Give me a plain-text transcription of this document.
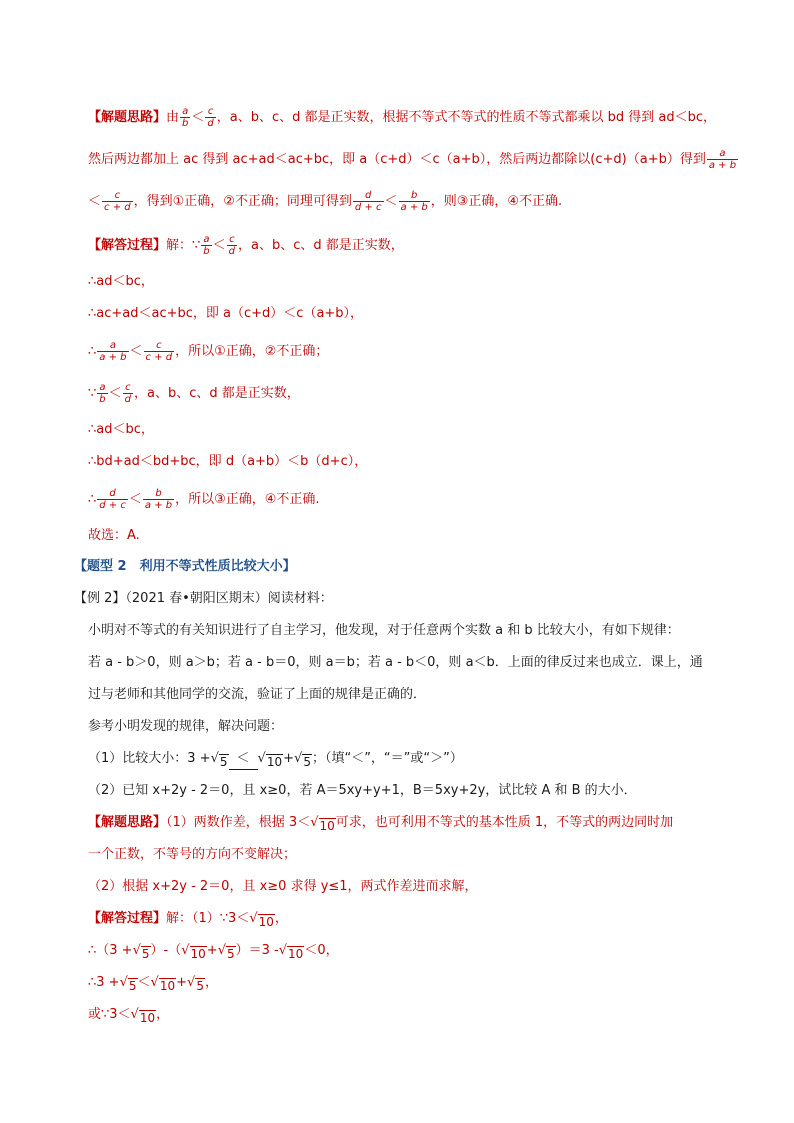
【解题思路】由 $\frac{a}{b} < \frac{c}{d}$ ，a、b、c、d 都是正实数，根据不等式不等式的性质不等式都乘以 bd 得到 ad＜bc，
然后两边都加上 ac 得到 ac+ad＜ac+bc，即 a（c+d）＜c（a+b），然后两边都除以(c+d)（a+b）得到 $\frac{a}{a + b}$
＜ $\frac{c}{c + d}$ ，得到①正确，②不正确；同理可得到 $\frac{d}{d + c} < \frac{b}{a + b}$ ，则③正确，④不正确.
【解答过程】解：∵ $\frac{a}{b} < \frac{c}{d}$ ，a、b、c、d 都是正实数，
∴ad＜bc，
∴ac+ad＜ac+bc，即 a（c+d）＜c（a+b），
∴ $\frac{a}{a + b} < \frac{c}{c + d}$ ，所以①正确，②不正确；
∵ $\frac{a}{b} < \frac{c}{d}$ ，a、b、c、d 都是正实数，
∴ad＜bc，
∴bd+ad＜bd+bc，即 d（a+b）＜b（d+c），
∴ $\frac{d}{d + c} < \frac{b}{a + b}$ ，所以③正确，④不正确.
故选：A.
【题型 2　利用不等式性质比较大小】
【例 2】（2021 春•朝阳区期末）阅读材料：
小明对不等式的有关知识进行了自主学习，他发现，对于任意两个实数 a 和 b 比较大小，有如下规律：
若 a - b＞0，则 a＞b；若 a - b＝0，则 a＝b；若 a - b＜0，则 a＜b．上面的律反过来也成立．课上，通
过与老师和其他同学的交流，验证了上面的规律是正确的．
参考小明发现的规律，解决问题：
（1）比较大小：3 + √ 5 ＜ √ 10 + √ 5 ；（填“＜”，“＝”或“＞”）
（2）已知 x+2y - 2＝0，且 x≥0，若 A＝5xy+y+1，B＝5xy+2y，试比较 A 和 B 的大小．
【解题思路】（1）两数作差，根据 3＜ √ 10 可求，也可利用不等式的基本性质 1，不等式的两边同时加
一个正数，不等号的方向不变解决；
（2）根据 x+2y - 2＝0，且 x≥0 求得 y≤1，两式作差进而求解，
【解答过程】解：（1）∵3＜ √ 10 ，
∴（3 + √ 5 ）-（ √ 10 + √ 5 ）＝3 - √ 10 ＜0，
∴3 + √ 5 ＜ √ 10 + √ 5 ，
或∵3＜ √ 10 ，
